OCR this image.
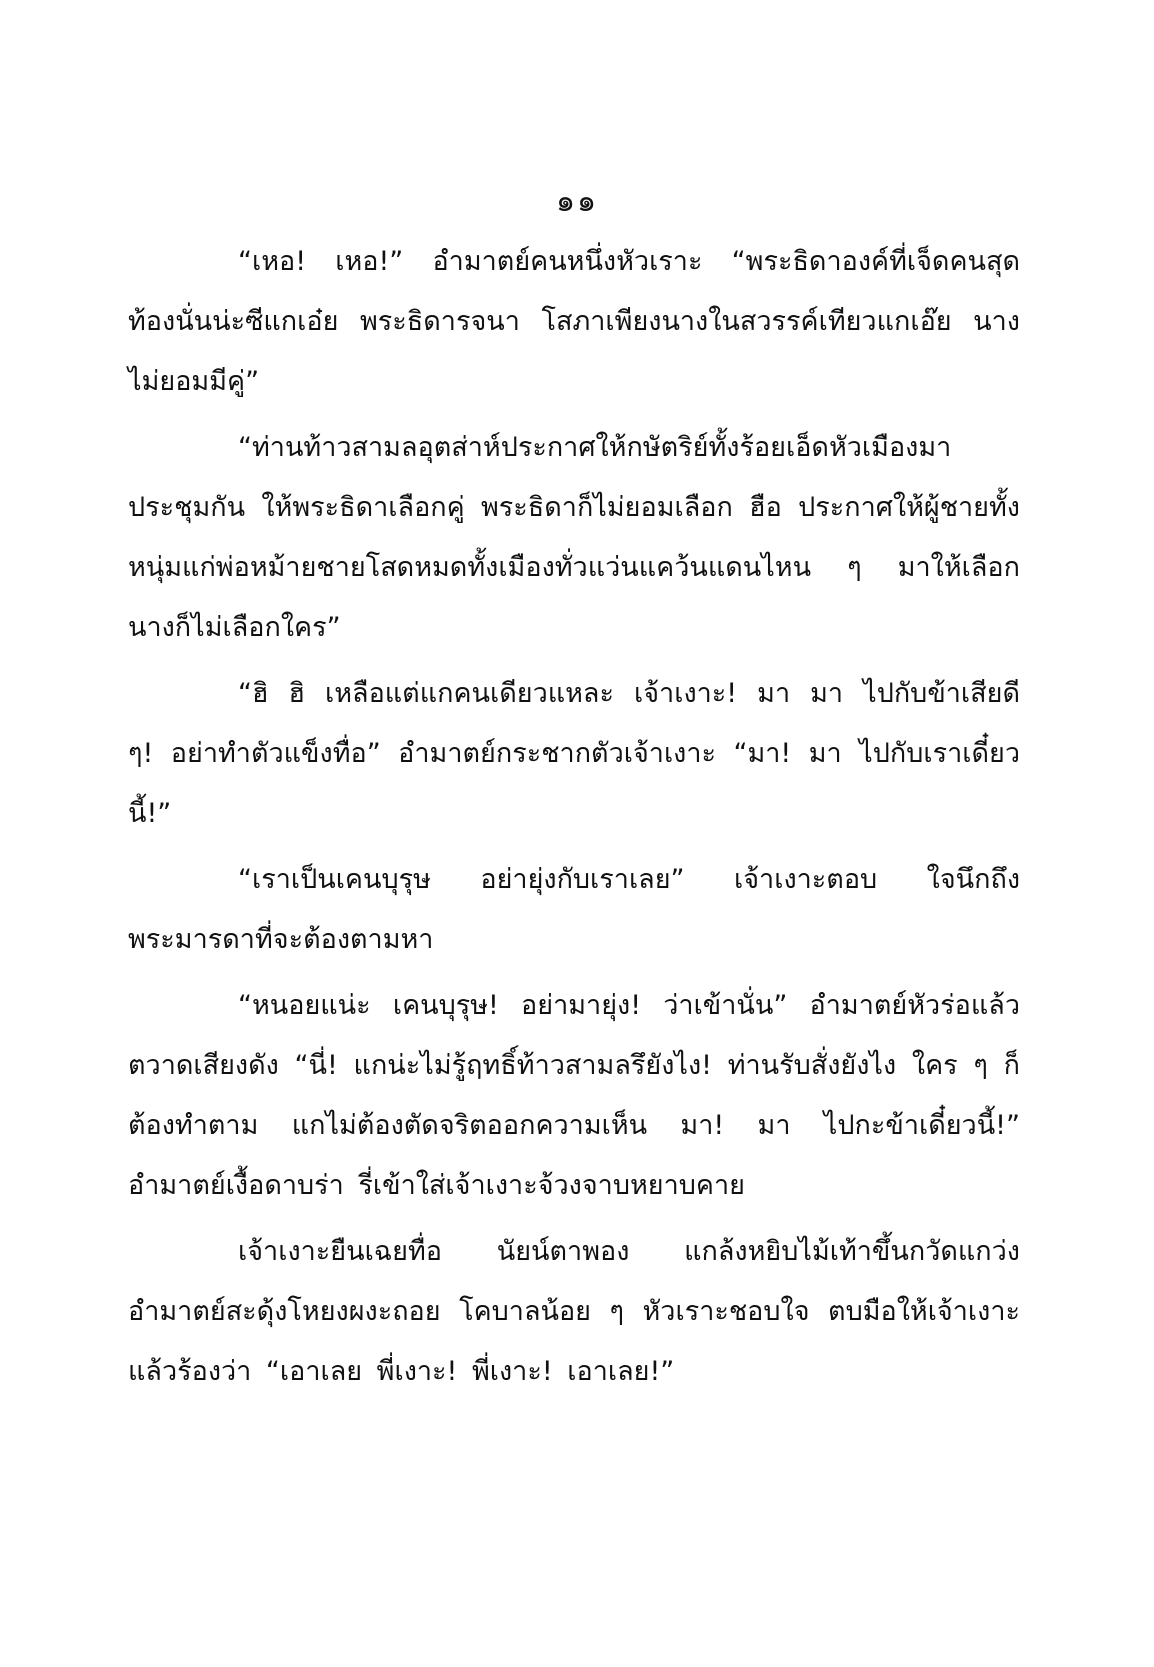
๑๑

“เหอ! เหอ!” อำมาตย์คนหนึ่งหัวเราะ “พระธิดาองค์ที่เจ็ดคนสุดท้องนั่นน่ะซีแกเอ๋ย พระธิดารจนา โสภาเพียงนางในสวรรค์เทียวแกเอ๊ย นางไม่ยอมมีคู่”

“ท่านท้าวสามลอุตส่าห์ประกาศให้กษัตริย์ทั้งร้อยเอ็ดหัวเมืองมาประชุมกัน ให้พระธิดาเลือกคู่ พระธิดาก็ไม่ยอมเลือก ฮือ ประกาศให้ผู้ชายทั้งหนุ่มแก่พ่อหม้ายชายโสดหมดทั้งเมืองทั่วแว่นแคว้นแดนไหน ๆ มาให้เลือก นางก็ไม่เลือกใคร”

“ฮิ ฮิ เหลือแต่แกคนเดียวแหละ เจ้าเงาะ! มา มา ไปกับข้าเสียดี ๆ! อย่าทำตัวแข็งทื่อ” อำมาตย์กระชากตัวเจ้าเงาะ “มา! มา ไปกับเราเดี๋ยวนี้!”

“เราเป็นเคนบุรุษ อย่ายุ่งกับเราเลย” เจ้าเงาะตอบ ใจนึกถึงพระมารดาที่จะต้องตามหา

“หนอยแน่ะ เคนบุรุษ! อย่ามายุ่ง! ว่าเข้านั่น” อำมาตย์หัวร่อแล้วตวาดเสียงดัง “นี่! แกน่ะไม่รู้ฤทธิ์ท้าวสามลรึยังไง! ท่านรับสั่งยังไง ใคร ๆ ก็ต้องทำตาม แกไม่ต้องตัดจริตออกความเห็น มา! มา ไปกะข้าเดี๋ยวนี้!” อำมาตย์เงื้อดาบร่า รี่เข้าใส่เจ้าเงาะจ้วงจาบหยาบคาย

เจ้าเงาะยืนเฉยทื่อ นัยน์ตาพอง แกล้งหยิบไม้เท้าขึ้นกวัดแกว่งอำมาตย์สะดุ้งโหยงผงะถอย โคบาลน้อย ๆ หัวเราะชอบใจ ตบมือให้เจ้าเงาะแล้วร้องว่า “เอาเลย พี่เงาะ! พี่เงาะ! เอาเลย!”
